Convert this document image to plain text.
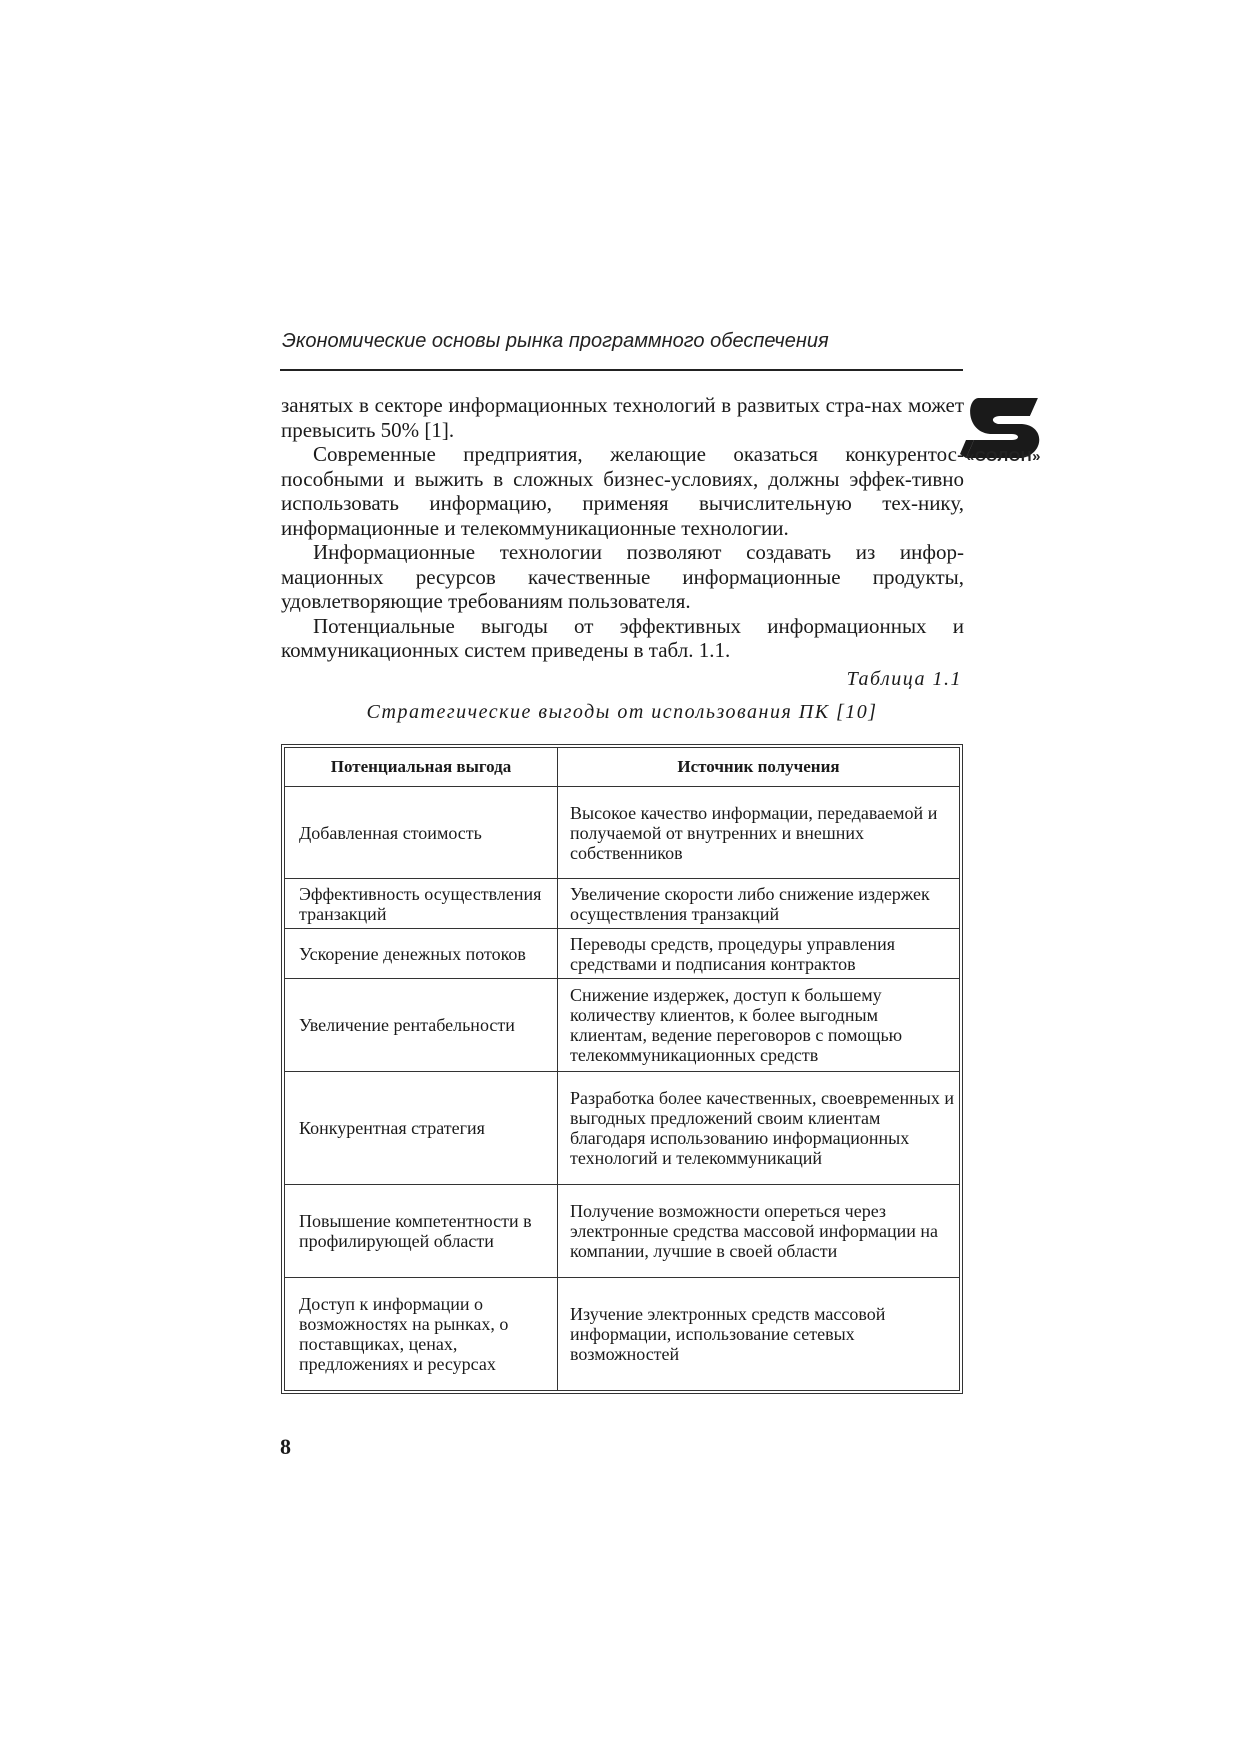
Экономические основы рынка программного обеспечения
«СОЛОН»

занятых в секторе информационных технологий в развитых стра-нах может превысить 50% [1].

Современные предприятия, желающие оказаться конкурентос-пособными и выжить в сложных бизнес-условиях, должны эффек-тивно использовать информацию, применяя вычислительную тех-нику, информационные и телекоммуникационные технологии.

Информационные технологии позволяют создавать из инфор-мационных ресурсов качественные информационные продукты, удовлетворяющие требованиям пользователя.

Потенциальные выгоды от эффективных информационных и коммуникационных систем приведены в табл. 1.1.

Таблица 1.1
Стратегические выгоды от использования ПК [10]
Потенциальная выгода	Источник получения
Добавленная стоимость	Высокое качество информации, передаваемой и получаемой от внутренних и внешних собственников
Эффективность осуществления транзакций	Увеличение скорости либо снижение издержек осуществления транзакций
Ускорение денежных потоков	Переводы средств, процедуры управления средствами и подписания контрактов
Увеличение рентабельности	Снижение издержек, доступ к большему количеству клиентов, к более выгодным клиентам, ведение переговоров с помощью телекоммуникационных средств
Конкурентная стратегия	Разработка более качественных, своевременных и выгодных предложений своим клиентам благодаря использованию информационных технологий и телекоммуникаций
Повышение компетентности в профилирующей области	Получение возможности опереться через электронные средства массовой информации на компании, лучшие в своей области
Доступ к информации о возможностях на рынках, о поставщиках, ценах, предложениях и ресурсах	Изучение электронных средств массовой информации, использование сетевых возможностей
8
